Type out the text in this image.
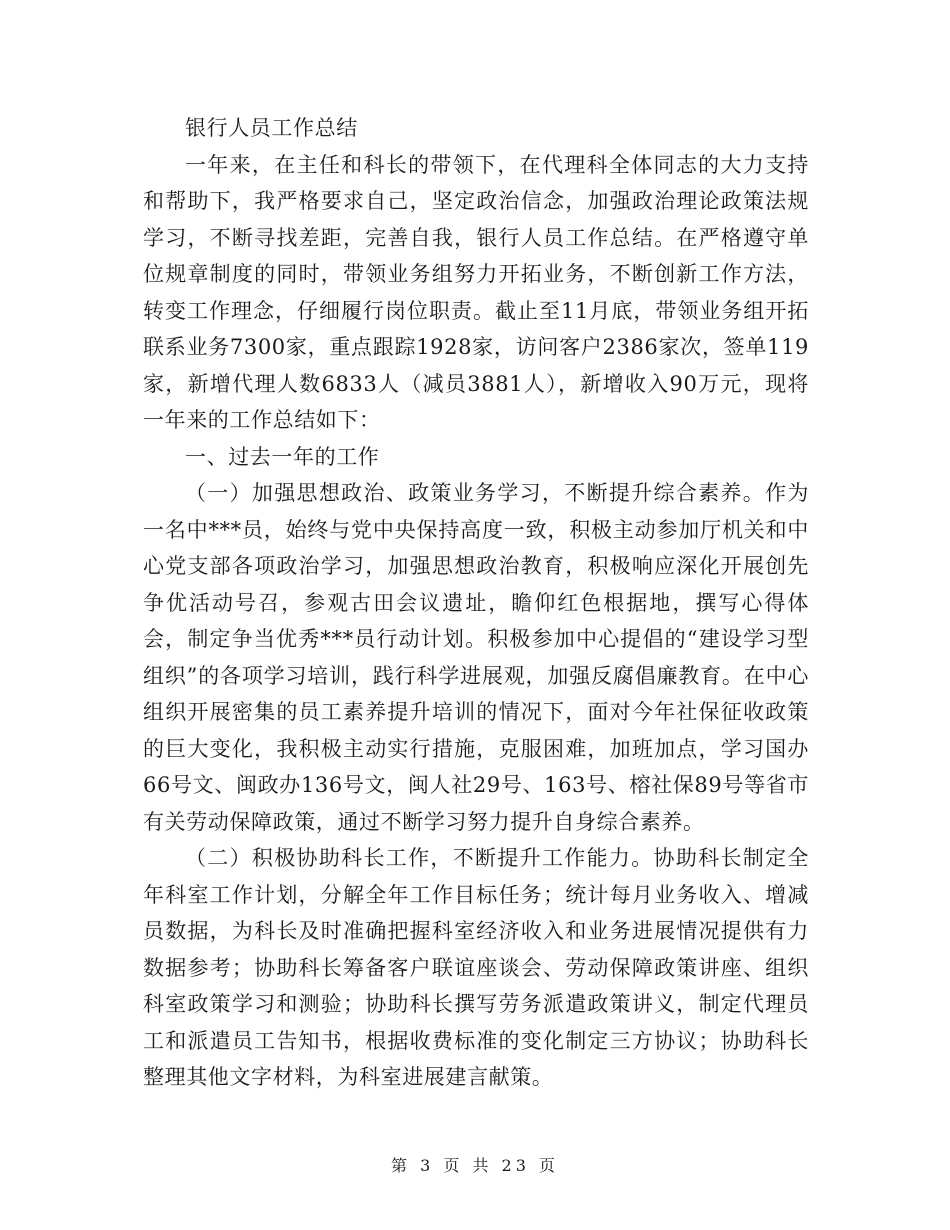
银行人员工作总结

一年来，在主任和科长的带领下，在代理科全体同志的大力支持和帮助下，我严格要求自己，坚定政治信念，加强政治理论政策法规学习，不断寻找差距，完善自我，银行人员工作总结。在严格遵守单位规章制度的同时，带领业务组努力开拓业务，不断创新工作方法，转变工作理念，仔细履行岗位职责。截止至11月底，带领业务组开拓联系业务7300家，重点跟踪1928家，访问客户2386家次，签单119家，新增代理人数6833人（减员3881人），新增收入90万元，现将一年来的工作总结如下：

一、过去一年的工作

（一）加强思想政治、政策业务学习，不断提升综合素养。作为一名中***员，始终与党中央保持高度一致，积极主动参加厅机关和中心党支部各项政治学习，加强思想政治教育，积极响应深化开展创先争优活动号召，参观古田会议遗址，瞻仰红色根据地，撰写心得体会，制定争当优秀***员行动计划。积极参加中心提倡的“建设学习型组织”的各项学习培训，践行科学进展观，加强反腐倡廉教育。在中心组织开展密集的员工素养提升培训的情况下，面对今年社保征收政策的巨大变化，我积极主动实行措施，克服困难，加班加点，学习国办66号文、闽政办136号文，闽人社29号、163号、榕社保89号等省市有关劳动保障政策，通过不断学习努力提升自身综合素养。

（二）积极协助科长工作，不断提升工作能力。协助科长制定全年科室工作计划，分解全年工作目标任务；统计每月业务收入、增减员数据，为科长及时准确把握科室经济收入和业务进展情况提供有力数据参考；协助科长筹备客户联谊座谈会、劳动保障政策讲座、组织科室政策学习和测验；协助科长撰写劳务派遣政策讲义，制定代理员工和派遣员工告知书，根据收费标准的变化制定三方协议；协助科长整理其他文字材料，为科室进展建言献策。

第 3 页 共 23 页
